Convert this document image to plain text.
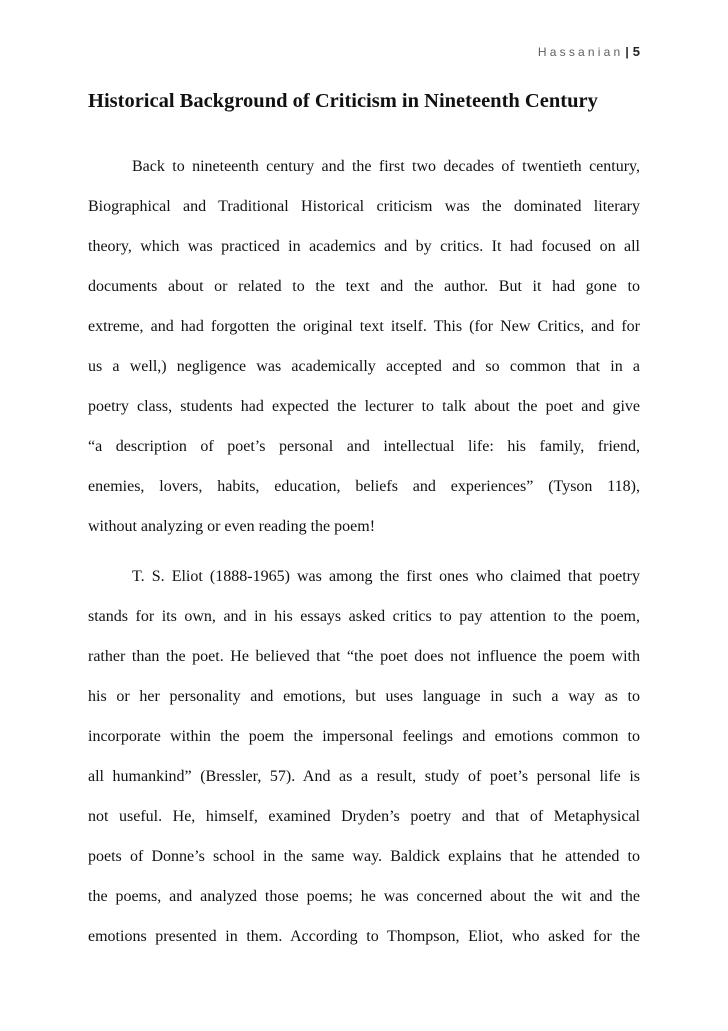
Hassanian | 5
Historical Background of Criticism in Nineteenth Century
Back to nineteenth century and the first two decades of twentieth century,
Biographical and Traditional Historical criticism was the dominated literary
theory, which was practiced in academics and by critics. It had focused on all
documents about or related to the text and the author. But it had gone to
extreme, and had forgotten the original text itself. This (for New Critics, and for
us a well,) negligence was academically accepted and so common that in a
poetry class, students had expected the lecturer to talk about the poet and give
“a description of poet’s personal and intellectual life: his family, friend,
enemies, lovers, habits, education, beliefs and experiences” (Tyson 118),
without analyzing or even reading the poem!
T. S. Eliot (1888-1965) was among the first ones who claimed that poetry
stands for its own, and in his essays asked critics to pay attention to the poem,
rather than the poet. He believed that “the poet does not influence the poem with
his or her personality and emotions, but uses language in such a way as to
incorporate within the poem the impersonal feelings and emotions common to
all humankind” (Bressler, 57). And as a result, study of poet’s personal life is
not useful. He, himself, examined Dryden’s poetry and that of Metaphysical
poets of Donne’s school in the same way. Baldick explains that he attended to
the poems, and analyzed those poems; he was concerned about the wit and the
emotions presented in them. According to Thompson, Eliot, who asked for the
